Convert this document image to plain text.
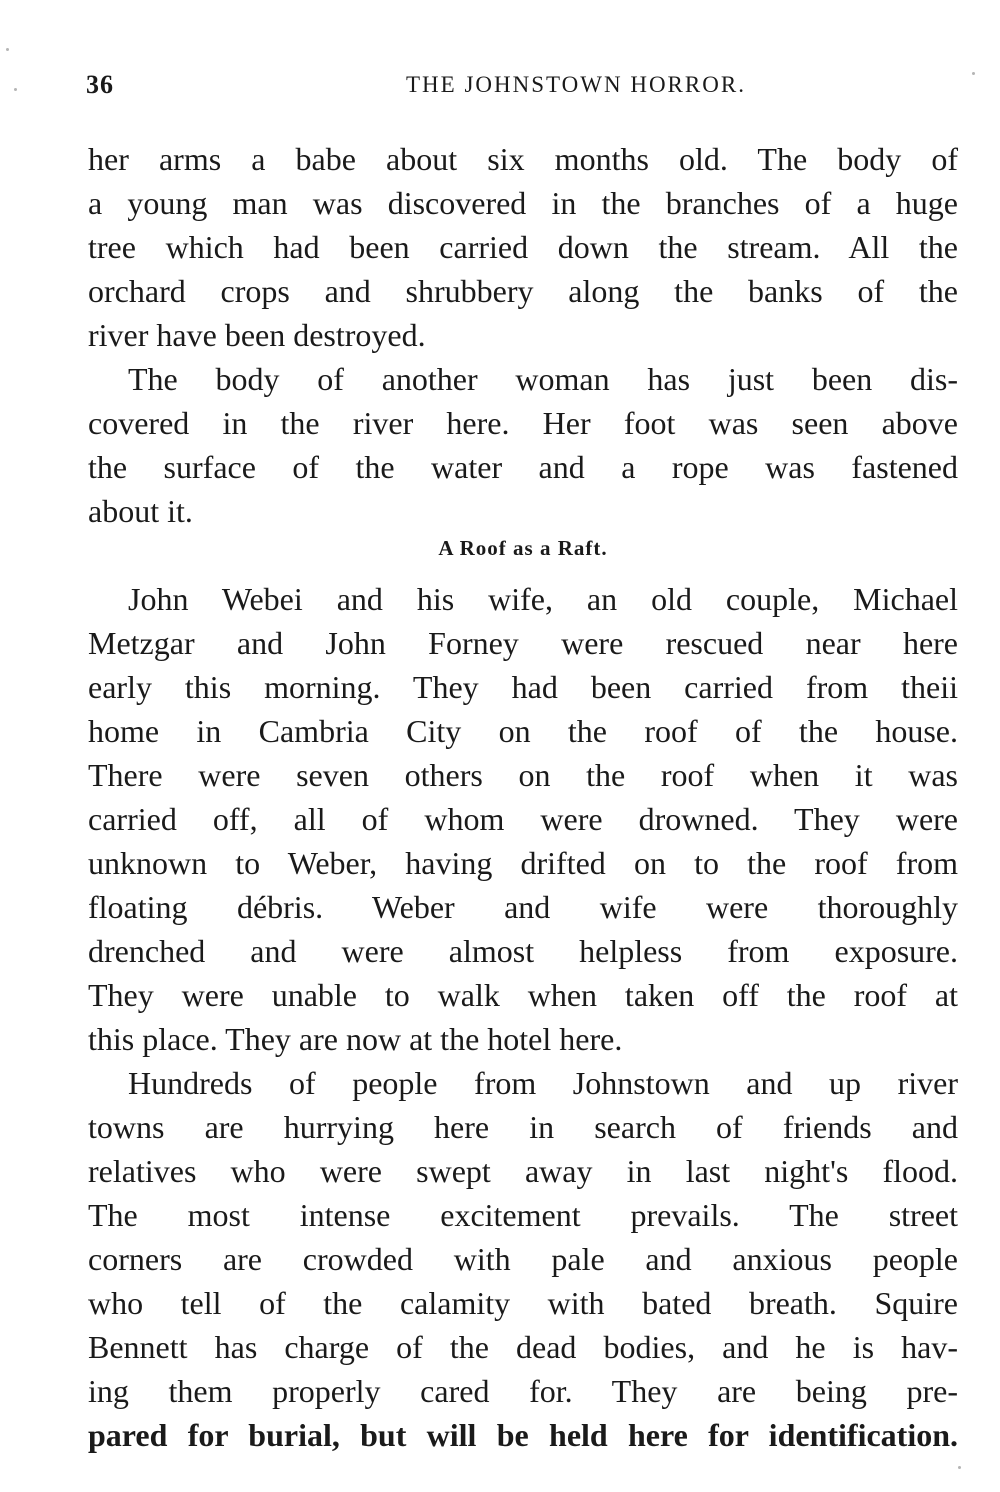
36	THE JOHNSTOWN HORROR.
her arms a babe about six months old. The body of
a young man was discovered in the branches of a huge
tree which had been carried down the stream. All the
orchard crops and shrubbery along the banks of the
river have been destroyed.
The body of another woman has just been dis-
covered in the river here. Her foot was seen above
the surface of the water and a rope was fastened
about it.
A Roof as a Raft.
John Webei and his wife, an old couple, Michael
Metzgar and John Forney were rescued near here
early this morning. They had been carried from theii
home in Cambria City on the roof of the house.
There were seven others on the roof when it was
carried off, all of whom were drowned. They were
unknown to Weber, having drifted on to the roof from
floating débris. Weber and wife were thoroughly
drenched and were almost helpless from exposure.
They were unable to walk when taken off the roof at
this place. They are now at the hotel here.
Hundreds of people from Johnstown and up river
towns are hurrying here in search of friends and
relatives who were swept away in last night's flood.
The most intense excitement prevails. The street
corners are crowded with pale and anxious people
who tell of the calamity with bated breath. Squire
Bennett has charge of the dead bodies, and he is hav-
ing them properly cared for. They are being pre-
pared for burial, but will be held here for identification.
